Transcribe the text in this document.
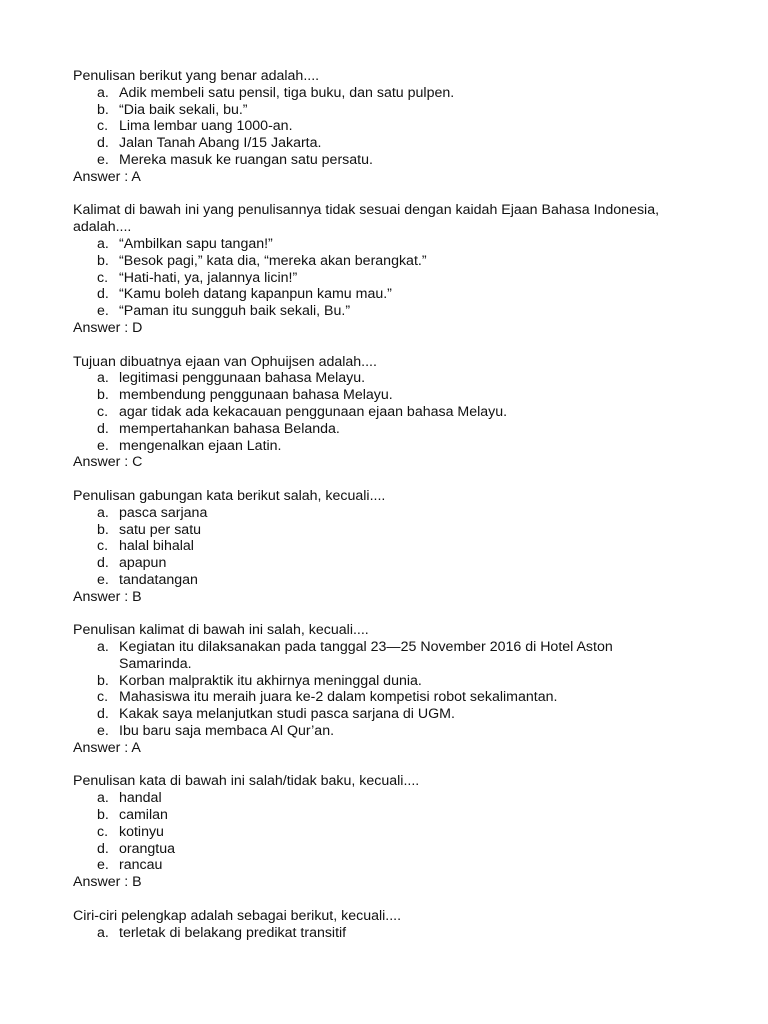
Penulisan berikut yang benar adalah....

a. Adik membeli satu pensil, tiga buku, dan satu pulpen.
b. “Dia baik sekali, bu.”
c. Lima lembar uang 1000-an.
d. Jalan Tanah Abang I/15 Jakarta.
e. Mereka masuk ke ruangan satu persatu.

Answer : A

Kalimat di bawah ini yang penulisannya tidak sesuai dengan kaidah Ejaan Bahasa Indonesia, adalah....

a. “Ambilkan sapu tangan!”
b. “Besok pagi,” kata dia, “mereka akan berangkat.”
c. “Hati-hati, ya, jalannya licin!”
d. “Kamu boleh datang kapanpun kamu mau.”
e. “Paman itu sungguh baik sekali, Bu.”

Answer : D

Tujuan dibuatnya ejaan van Ophuijsen adalah....

a. legitimasi penggunaan bahasa Melayu.
b. membendung penggunaan bahasa Melayu.
c. agar tidak ada kekacauan penggunaan ejaan bahasa Melayu.
d. mempertahankan bahasa Belanda.
e. mengenalkan ejaan Latin.

Answer : C

Penulisan gabungan kata berikut salah, kecuali....

a. pasca sarjana
b. satu per satu
c. halal bihalal
d. apapun
e. tandatangan

Answer : B

Penulisan kalimat di bawah ini salah, kecuali....

a. Kegiatan itu dilaksanakan pada tanggal 23—25 November 2016 di Hotel Aston Samarinda.
b. Korban malpraktik itu akhirnya meninggal dunia.
c. Mahasiswa itu meraih juara ke-2 dalam kompetisi robot sekalimantan.
d. Kakak saya melanjutkan studi pasca sarjana di UGM.
e. Ibu baru saja membaca Al Qur’an.

Answer : A

Penulisan kata di bawah ini salah/tidak baku, kecuali....

a. handal
b. camilan
c. kotinyu
d. orangtua
e. rancau

Answer : B

Ciri-ciri pelengkap adalah sebagai berikut, kecuali....

a. terletak di belakang predikat transitif
